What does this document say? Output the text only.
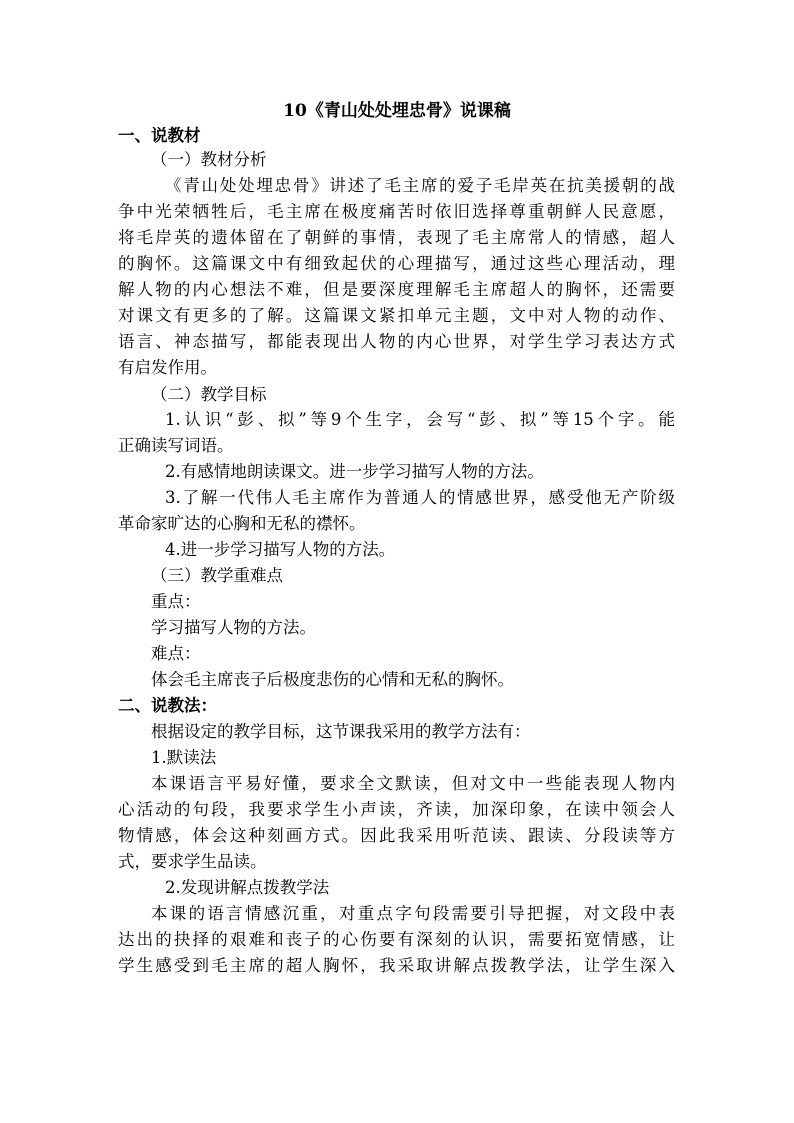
10《青山处处埋忠骨》说课稿
一、说教材
（一）教材分析
《青山处处埋忠骨》讲述了毛主席的爱子毛岸英在抗美援朝的战
争中光荣牺牲后，毛主席在极度痛苦时依旧选择尊重朝鲜人民意愿，
将毛岸英的遗体留在了朝鲜的事情，表现了毛主席常人的情感，超人
的胸怀。这篇课文中有细致起伏的心理描写，通过这些心理活动，理
解人物的内心想法不难，但是要深度理解毛主席超人的胸怀，还需要
对课文有更多的了解。这篇课文紧扣单元主题，文中对人物的动作、
语言、神态描写，都能表现出人物的内心世界，对学生学习表达方式
有启发作用。
（二）教学目标
1.认识“彭、拟”等9个生字，会写“彭、拟”等15个字。能
正确读写词语。
2.有感情地朗读课文。进一步学习描写人物的方法。
3.了解一代伟人毛主席作为普通人的情感世界，感受他无产阶级
革命家旷达的心胸和无私的襟怀。
4.进一步学习描写人物的方法。
（三）教学重难点
重点：
学习描写人物的方法。
难点：
体会毛主席丧子后极度悲伤的心情和无私的胸怀。
二、说教法：
根据设定的教学目标，这节课我采用的教学方法有：
1.默读法
本课语言平易好懂，要求全文默读，但对文中一些能表现人物内
心活动的句段，我要求学生小声读，齐读，加深印象，在读中领会人
物情感，体会这种刻画方式。因此我采用听范读、跟读、分段读等方
式，要求学生品读。
2.发现讲解点拨教学法
本课的语言情感沉重，对重点字句段需要引导把握，对文段中表
达出的抉择的艰难和丧子的心伤要有深刻的认识，需要拓宽情感，让
学生感受到毛主席的超人胸怀，我采取讲解点拨教学法，让学生深入
